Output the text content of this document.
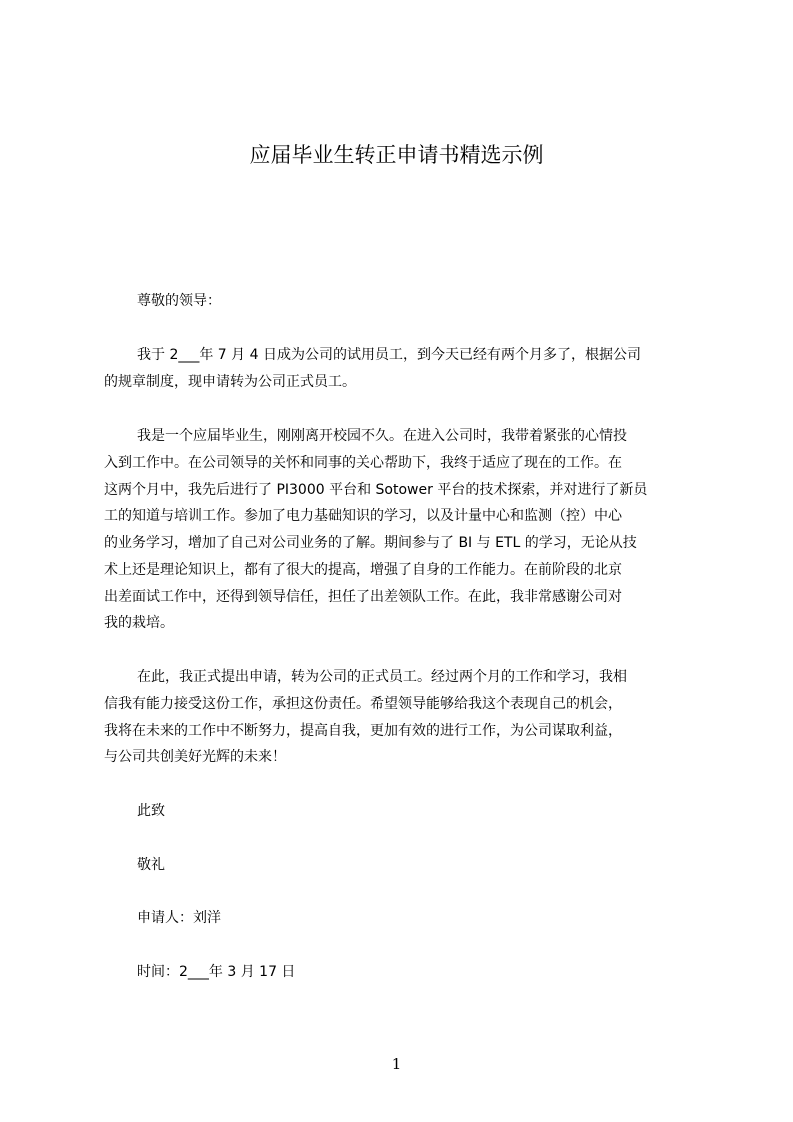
应届毕业生转正申请书精选示例
尊敬的领导：
我于 2___年 7 月 4 日成为公司的试用员工，到今天已经有两个月多了，根据公司
的规章制度，现申请转为公司正式员工。
我是一个应届毕业生，刚刚离开校园不久。在进入公司时，我带着紧张的心情投
入到工作中。在公司领导的关怀和同事的关心帮助下，我终于适应了现在的工作。在
这两个月中，我先后进行了 PI3000 平台和 Sotower 平台的技术探索，并对进行了新员
工的知道与培训工作。参加了电力基础知识的学习，以及计量中心和监测（控）中心
的业务学习，增加了自己对公司业务的了解。期间参与了 BI 与 ETL 的学习，无论从技
术上还是理论知识上，都有了很大的提高，增强了自身的工作能力。在前阶段的北京
出差面试工作中，还得到领导信任，担任了出差领队工作。在此，我非常感谢公司对
我的栽培。
在此，我正式提出申请，转为公司的正式员工。经过两个月的工作和学习，我相
信我有能力接受这份工作，承担这份责任。希望领导能够给我这个表现自己的机会，
我将在未来的工作中不断努力，提高自我，更加有效的进行工作，为公司谋取利益，
与公司共创美好光辉的未来！
此致
敬礼
申请人：刘洋
时间：2___年 3 月 17 日
1
